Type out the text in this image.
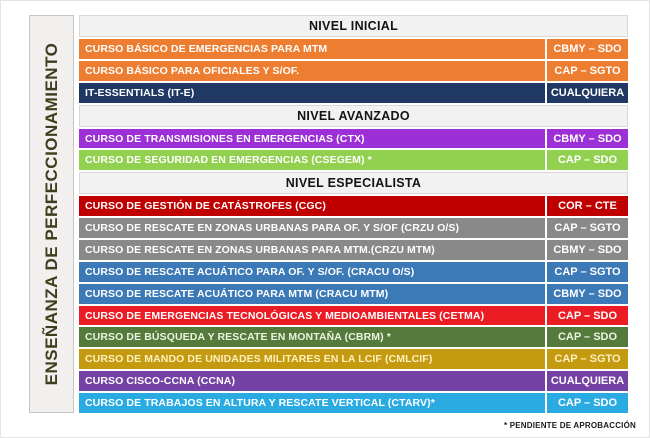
ENSEÑANZA DE PERFECCIONAMIENTO
NIVEL INICIAL
CURSO BÁSICO DE EMERGENCIAS PARA MTM	CBMY – SDO
CURSO BÁSICO PARA OFICIALES Y S/OF.	CAP – SGTO
IT-ESSENTIALS (IT-E)	CUALQUIERA
NIVEL AVANZADO
CURSO DE TRANSMISIONES EN EMERGENCIAS (CTX)	CBMY – SDO
CURSO DE SEGURIDAD EN EMERGENCIAS (CSEGEM) *	CAP – SDO
NIVEL ESPECIALISTA
CURSO DE GESTIÓN DE CATÁSTROFES (CGC)	COR – CTE
CURSO DE RESCATE EN ZONAS URBANAS PARA OF. Y S/OF (CRZU O/S)	CAP – SGTO
CURSO DE RESCATE EN ZONAS URBANAS PARA MTM.(CRZU MTM)	CBMY – SDO
CURSO DE RESCATE ACUÁTICO PARA OF. Y S/OF. (CRACU O/S)	CAP – SGTO
CURSO DE RESCATE ACUÁTICO PARA MTM (CRACU MTM)	CBMY – SDO
CURSO DE EMERGENCIAS TECNOLÓGICAS Y MEDIOAMBIENTALES (CETMA)	CAP – SDO
CURSO DE BÚSQUEDA Y RESCATE EN MONTAÑA (CBRM) *	CAP – SDO
CURSO DE MANDO DE UNIDADES MILITARES EN LA LCIF (CMLCIF)	CAP – SGTO
CURSO CISCO-CCNA (CCNA)	CUALQUIERA
CURSO DE TRABAJOS EN ALTURA Y RESCATE VERTICAL (CTARV)*	CAP – SDO
* PENDIENTE DE APROBACCIÓN
